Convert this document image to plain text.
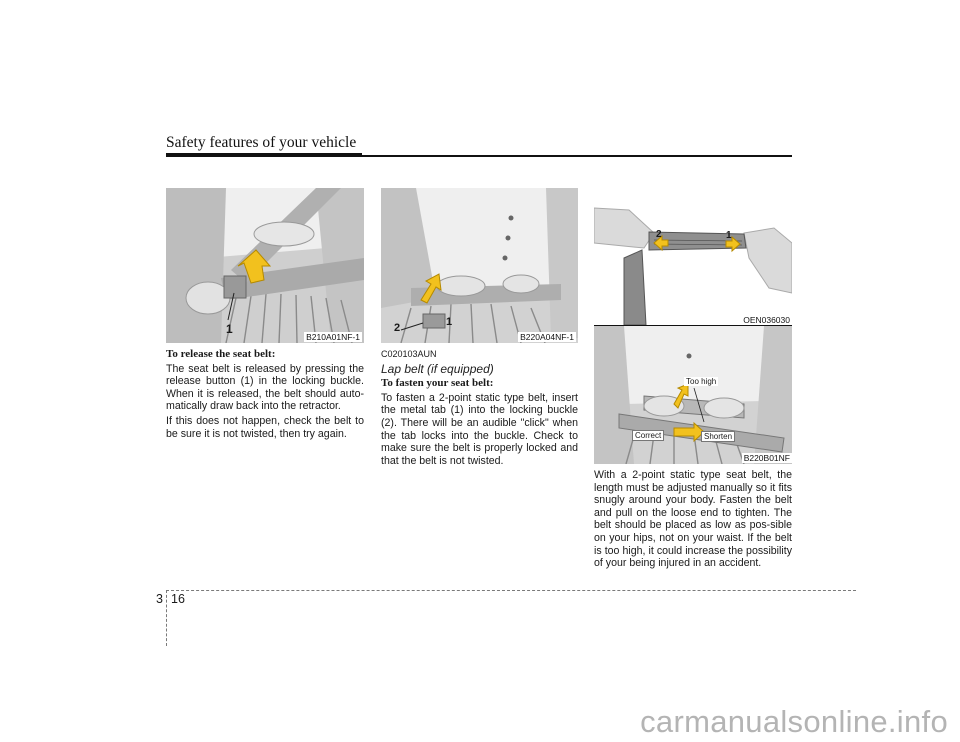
Safety features of your vehicle
1
B210A01NF-1
1
2
B220A04NF-1
2	1
OEN036030
Too high
Correct	Shorten
B220B01NF

To release the seat belt:

The seat belt is released by pressing the release button (1) in the locking buckle. When it is released, the belt should auto-matically draw back into the retractor.

If this does not happen, check the belt to be sure it is not twisted, then try again.

C020103AUN

Lap belt (if equipped)

To fasten your seat belt:

To fasten a 2-point static type belt, insert the metal tab (1) into the locking buckle (2). There will be an audible "click" when the tab locks into the buckle. Check to make sure the belt is properly locked and that the belt is not twisted.

With a 2-point static type seat belt, the length must be adjusted manually so it fits snugly around your body. Fasten the belt and pull on the loose end to tighten. The belt should be placed as low as pos-sible on your hips, not on your waist. If the belt is too high, it could increase the possibility of your being injured in an accident.

3 16
carmanualsonline.info
